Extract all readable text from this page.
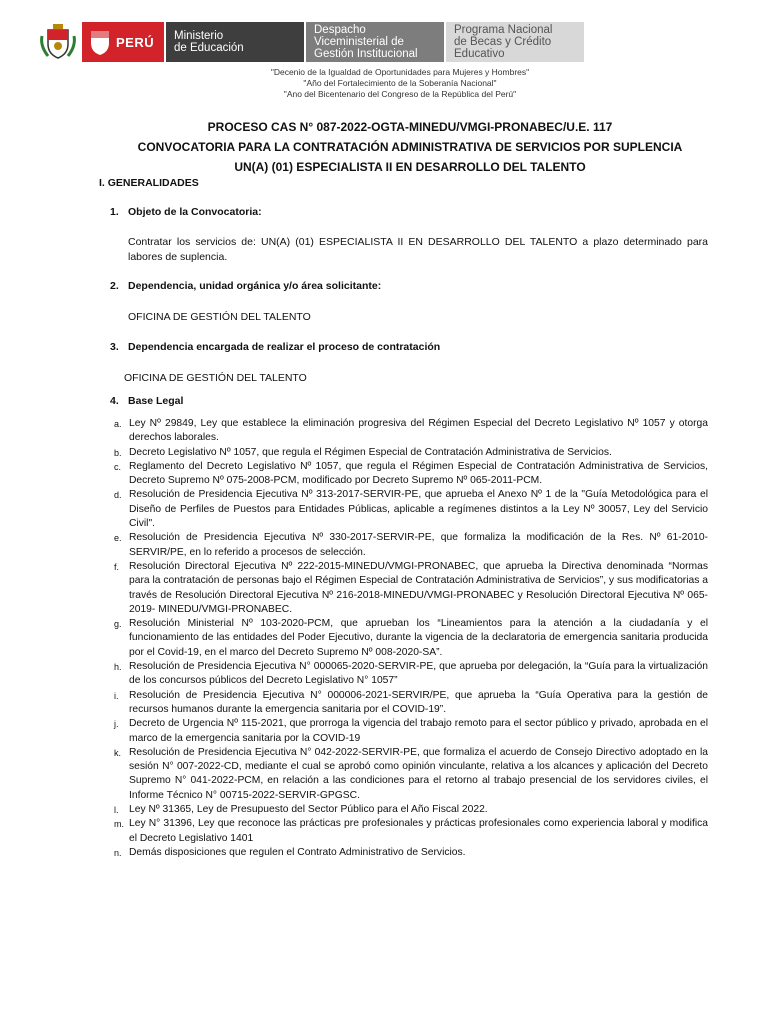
PERÚ Ministerio
de Educación
Despacho
Viceministerial de
Gestión Institucional
Programa Nacional
de Becas y Crédito
Educativo
"Decenio de la Igualdad de Oportunidades para Mujeres y Hombres"
"Año del Fortalecimiento de la Soberanía Nacional"
"Ano del Bicentenario del Congreso de la República del Perú"
PROCESO CAS N° 087-2022-OGTA-MINEDU/VMGI-PRONABEC/U.E. 117
CONVOCATORIA PARA LA CONTRATACIÓN ADMINISTRATIVA DE SERVICIOS POR SUPLENCIA
UN(A) (01) ESPECIALISTA II EN DESARROLLO DEL TALENTO
I. GENERALIDADES
1. Objeto de la Convocatoria:
Contratar los servicios de: UN(A) (01) ESPECIALISTA II EN DESARROLLO DEL TALENTO a plazo determinado para labores de suplencia.
2. Dependencia, unidad orgánica y/o área solicitante:
OFICINA DE GESTIÓN DEL TALENTO
3. Dependencia encargada de realizar el proceso de contratación
OFICINA DE GESTIÓN DEL TALENTO
4. Base Legal
a. Ley Nº 29849, Ley que establece la eliminación progresiva del Régimen Especial del Decreto Legislativo Nº 1057 y otorga derechos laborales.
b. Decreto Legislativo Nº 1057, que regula el Régimen Especial de Contratación Administrativa de Servicios.
c. Reglamento del Decreto Legislativo Nº 1057, que regula el Régimen Especial de Contratación Administrativa de Servicios, Decreto Supremo Nº 075-2008-PCM, modificado por Decreto Supremo Nº 065-2011-PCM.
d. Resolución de Presidencia Ejecutiva Nº 313-2017-SERVIR-PE, que aprueba el Anexo Nº 1 de la "Guía Metodológica para el Diseño de Perfiles de Puestos para Entidades Públicas, aplicable a regímenes distintos a la Ley Nº 30057, Ley del Servicio Civil".
e. Resolución de Presidencia Ejecutiva Nº 330-2017-SERVIR-PE, que formaliza la modificación de la Res. Nº 61-2010-SERVIR/PE, en lo referido a procesos de selección.
f. Resolución Directoral Ejecutiva Nº 222-2015-MINEDU/VMGI-PRONABEC, que aprueba la Directiva denominada “Normas para la contratación de personas bajo el Régimen Especial de Contratación Administrativa de Servicios”, y sus modificatorias a través de Resolución Directoral Ejecutiva Nº 216-2018-MINEDU/VMGI-PRONABEC y Resolución Directoral Ejecutiva Nº 065-2019- MINEDU/VMGI-PRONABEC.
g. Resolución Ministerial Nº 103-2020-PCM, que aprueban los “Lineamientos para la atención a la ciudadanía y el funcionamiento de las entidades del Poder Ejecutivo, durante la vigencia de la declaratoria de emergencia sanitaria producida por el Covid-19, en el marco del Decreto Supremo Nº 008-2020-SA”.
h. Resolución de Presidencia Ejecutiva N° 000065-2020-SERVIR-PE, que aprueba por delegación, la “Guía para la virtualización de los concursos públicos del Decreto Legislativo N° 1057”
i.	Resolución de Presidencia Ejecutiva N° 000006-2021-SERVIR/PE, que aprueba la “Guía Operativa para la gestión de recursos humanos durante la emergencia sanitaria por el COVID-19”.
j.	Decreto de Urgencia Nº 115-2021, que prorroga la vigencia del trabajo remoto para el sector público y privado, aprobada en el marco de la emergencia sanitaria por la COVID-19
k. Resolución de Presidencia Ejecutiva N° 042-2022-SERVIR-PE, que formaliza el acuerdo de Consejo Directivo adoptado en la sesión N° 007-2022-CD, mediante el cual se aprobó como opinión vinculante, relativa a los alcances y aplicación del Decreto Supremo N° 041-2022-PCM, en relación a las condiciones para el retorno al trabajo presencial de los servidores civiles, el Informe Técnico N° 00715-2022-SERVIR-GPGSC.
l.	Ley Nº 31365, Ley de Presupuesto del Sector Público para el Año Fiscal 2022.
m. Ley N° 31396, Ley que reconoce las prácticas pre profesionales y prácticas profesionales como experiencia laboral y modifica el Decreto Legislativo 1401
n. Demás disposiciones que regulen el Contrato Administrativo de Servicios.
